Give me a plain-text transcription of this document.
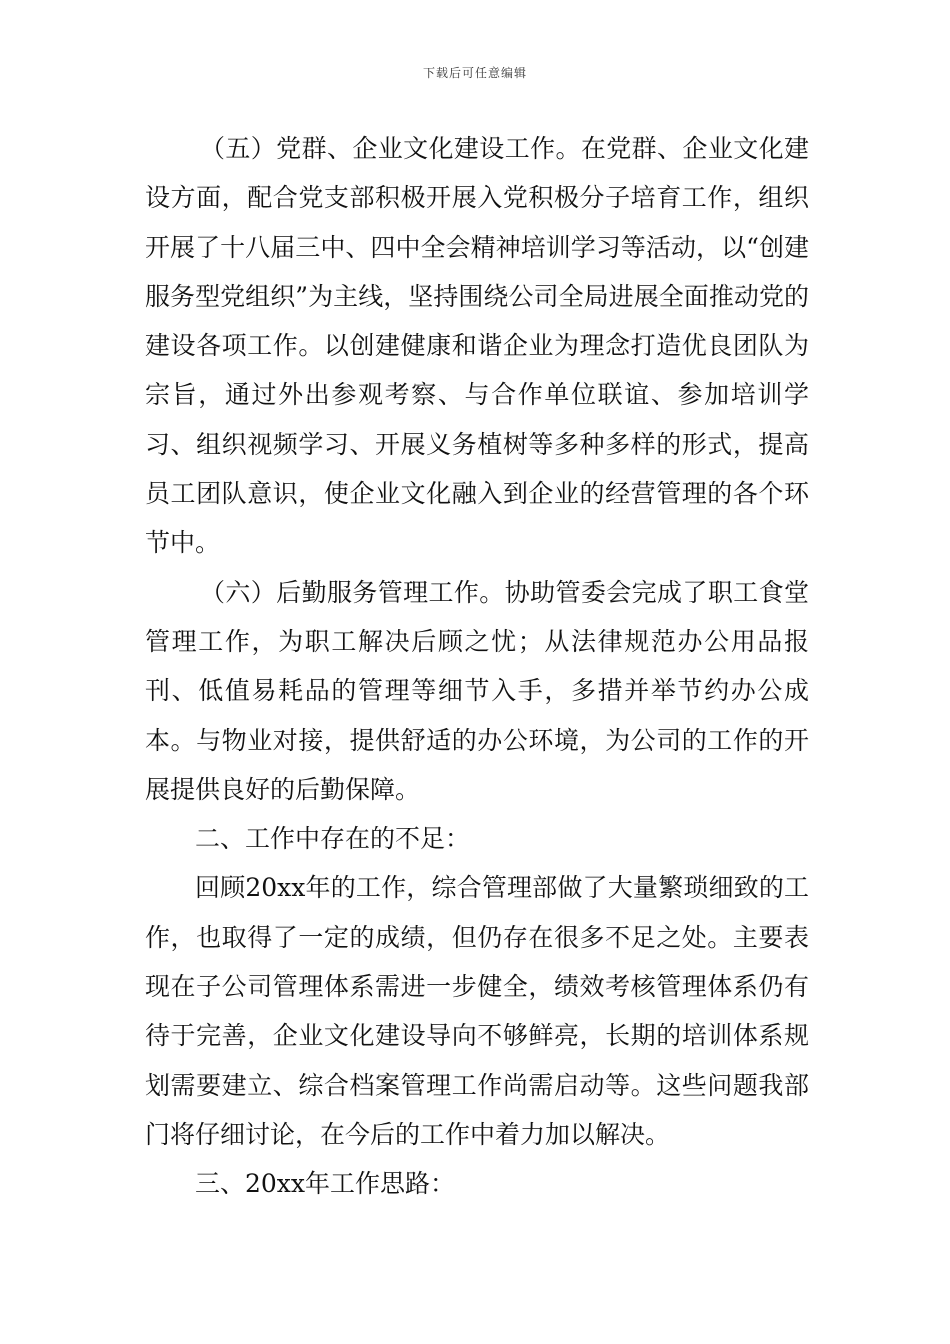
下载后可任意编辑

（五）党群、企业文化建设工作。在党群、企业文化建设方面，配合党支部积极开展入党积极分子培育工作，组织开展了十八届三中、四中全会精神培训学习等活动，以“创建服务型党组织”为主线，坚持围绕公司全局进展全面推动党的建设各项工作。以创建健康和谐企业为理念打造优良团队为宗旨，通过外出参观考察、与合作单位联谊、参加培训学习、组织视频学习、开展义务植树等多种多样的形式，提高员工团队意识，使企业文化融入到企业的经营管理的各个环节中。

（六）后勤服务管理工作。协助管委会完成了职工食堂管理工作，为职工解决后顾之忧；从法律规范办公用品报刊、低值易耗品的管理等细节入手，多措并举节约办公成本。与物业对接，提供舒适的办公环境，为公司的工作的开展提供良好的后勤保障。

二、工作中存在的不足：

回顾20xx年的工作，综合管理部做了大量繁琐细致的工作，也取得了一定的成绩，但仍存在很多不足之处。主要表现在子公司管理体系需进一步健全，绩效考核管理体系仍有待于完善，企业文化建设导向不够鲜亮，长期的培训体系规划需要建立、综合档案管理工作尚需启动等。这些问题我部门将仔细讨论，在今后的工作中着力加以解决。

三、20xx年工作思路：
